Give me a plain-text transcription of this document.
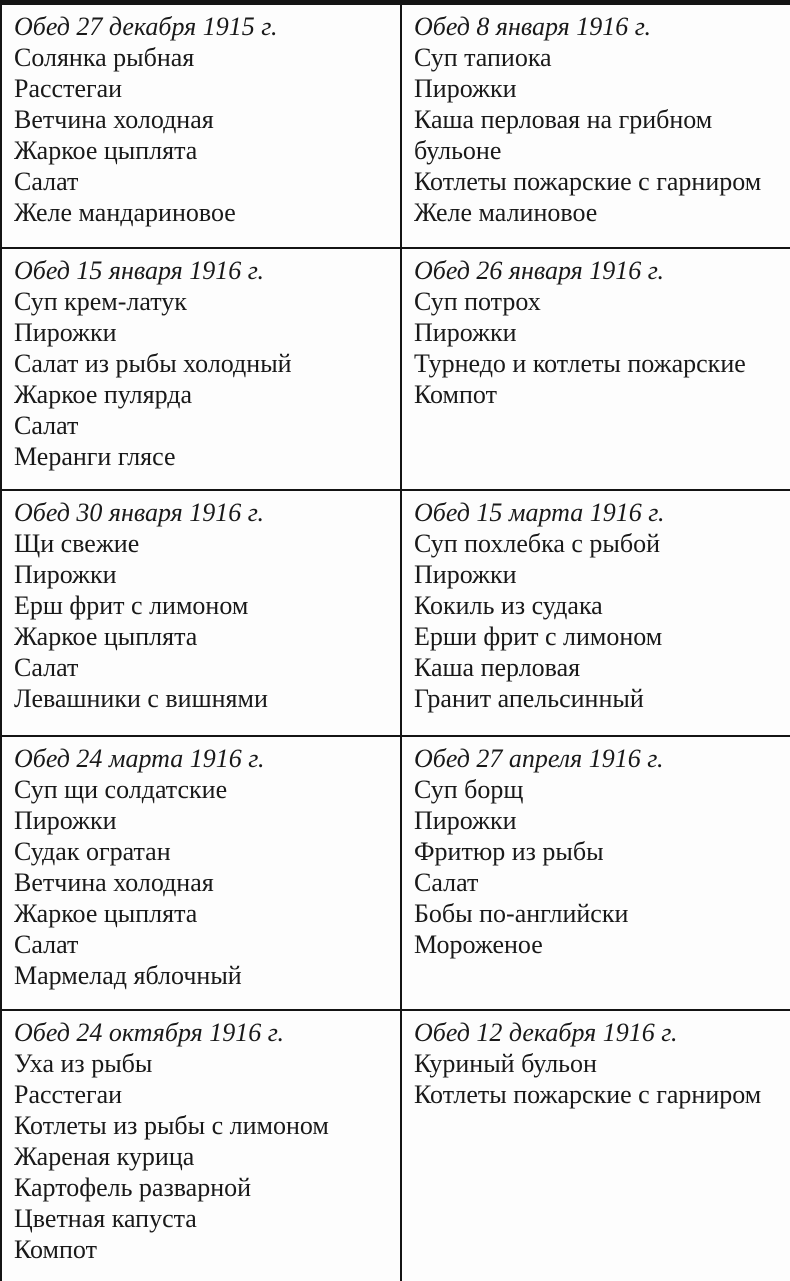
Обед 27 декабря 1915 г.
Солянка рыбная
Расстегаи
Ветчина холодная
Жаркое цыплята
Салат
Желе мандариновое

Обед 8 января 1916 г.
Суп тапиока
Пирожки
Каша перловая на грибном бульоне
Котлеты пожарские с гарниром
Желе малиновое

Обед 15 января 1916 г.
Суп крем-латук
Пирожки
Салат из рыбы холодный
Жаркое пулярда
Салат
Меранги глясе

Обед 26 января 1916 г.
Суп потрох
Пирожки
Турнедо и котлеты пожарские
Компот

Обед 30 января 1916 г.
Щи свежие
Пирожки
Ерш фрит с лимоном
Жаркое цыплята
Салат
Левашники с вишнями

Обед 15 марта 1916 г.
Суп похлебка с рыбой
Пирожки
Кокиль из судака
Ерши фрит с лимоном
Каша перловая
Гранит апельсинный

Обед 24 марта 1916 г.
Суп щи солдатские
Пирожки
Судак огратан
Ветчина холодная
Жаркое цыплята
Салат
Мармелад яблочный

Обед 27 апреля 1916 г.
Суп борщ
Пирожки
Фритюр из рыбы
Салат
Бобы по-английски
Мороженое

Обед 24 октября 1916 г.
Уха из рыбы
Расстегаи
Котлеты из рыбы с лимоном
Жареная курица
Картофель разварной
Цветная капуста
Компот

Обед 12 декабря 1916 г.
Куриный бульон
Котлеты пожарские с гарниром
